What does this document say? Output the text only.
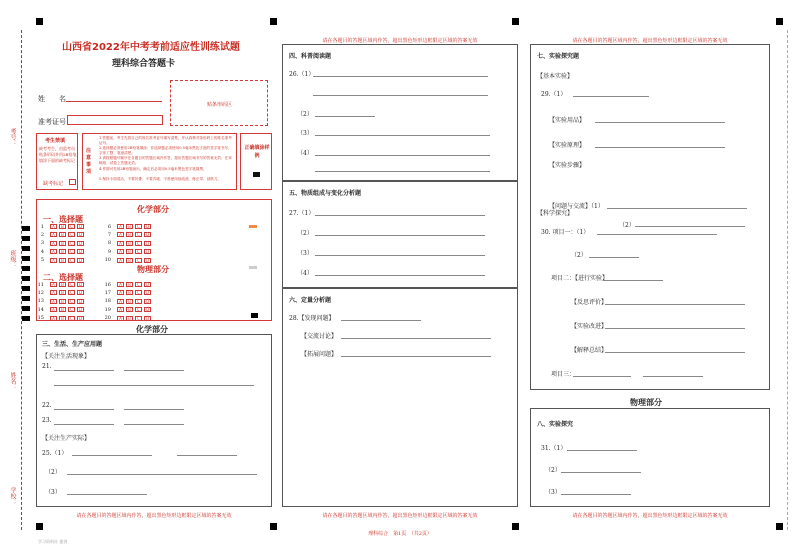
考号：
班级：
姓名：
学校：
山西省2022年中考考前适应性训练试题
理科综合答题卡
姓　　名
准考证号
贴条形码区
考生禁填
缺考考生，由监考员贴条形码并用2B铅笔填涂下面的缺考标记
缺考标记
注意事项
1.答题前，考生先将自己的姓名准考证号填写清楚，并认真核对条形码上的姓名准考证号。
2.选择题必须使用2B铅笔填涂；非选择题必须使用0.5毫米黑色字迹的签字笔书写，字体工整、笔迹清楚。
3.请按照题号顺序在各题目的答题区域内作答，超出答题区域书写的答案无效；在草稿纸、试卷上答题无效。
4.作图可先用2B铅笔画出，确定后必须用0.5毫米黑色签字笔描黑。
5.保持卡面清洁，不要折叠、不要弄破、不准使用涂改液、修正带、刮纸刀。
正确填涂样例
化学部分
一、选择题
物理部分
二、选择题
1	A	B	C	D
2	A	B	C	D
3	A	B	C	D
4	A	B	C	D
5	A	B	C	D
6	A	B	C	D
7	A	B	C	D
8	A	B	C	D
9	A	B	C	D
10	A	B	C	D
11	A	B	C	D
12	A	B	C	D
13	A	B	C	D
14	A	B	C	D
15	A	B	C	D
16	A	B	C	D
17	A	B	C	D
18	A	B	C	D
19	A	B	C	D
20	A	B	C	D
化学部分
三、生活、生产应用题
【关注生活现象】
21.
22.
23.
【关注生产实际】
25.（1）
（2）
（3）
请在各题目的答题区域内作答，超出黑色矩形边框限定区域的答案无效
学习资料社 提供
请在各题目的答题区域内作答，超出黑色矩形边框限定区域的答案无效
四、科普阅读题
26.（1）
（2）
（3）
（4）
五、物质组成与变化分析题
27.（1）
（2）
（3）
（4）
六、定量分析题
28.【发现问题】
【交流讨论】
【拓展问题】
请在各题目的答题区域内作答，超出黑色矩形边框限定区域的答案无效
理科综合　第1页　（共2页）
请在各题目的答题区域内作答，超出黑色矩形边框限定区域的答案无效
七、实验探究题
【基本实验】
29.（1）
【实验用品】
【实验原理】
【实验步骤】
【问题与交流】（1）
（2）
【科学探究】
30. 项目一：（1）
（2）
项目二：【进行实验】
【反思评价】
【实验改进】
【解释总结】
项目三：
物理部分
八、实验探究
31.（1）
（2）
（3）
请在各题目的答题区域内作答，超出黑色矩形边框限定区域的答案无效
